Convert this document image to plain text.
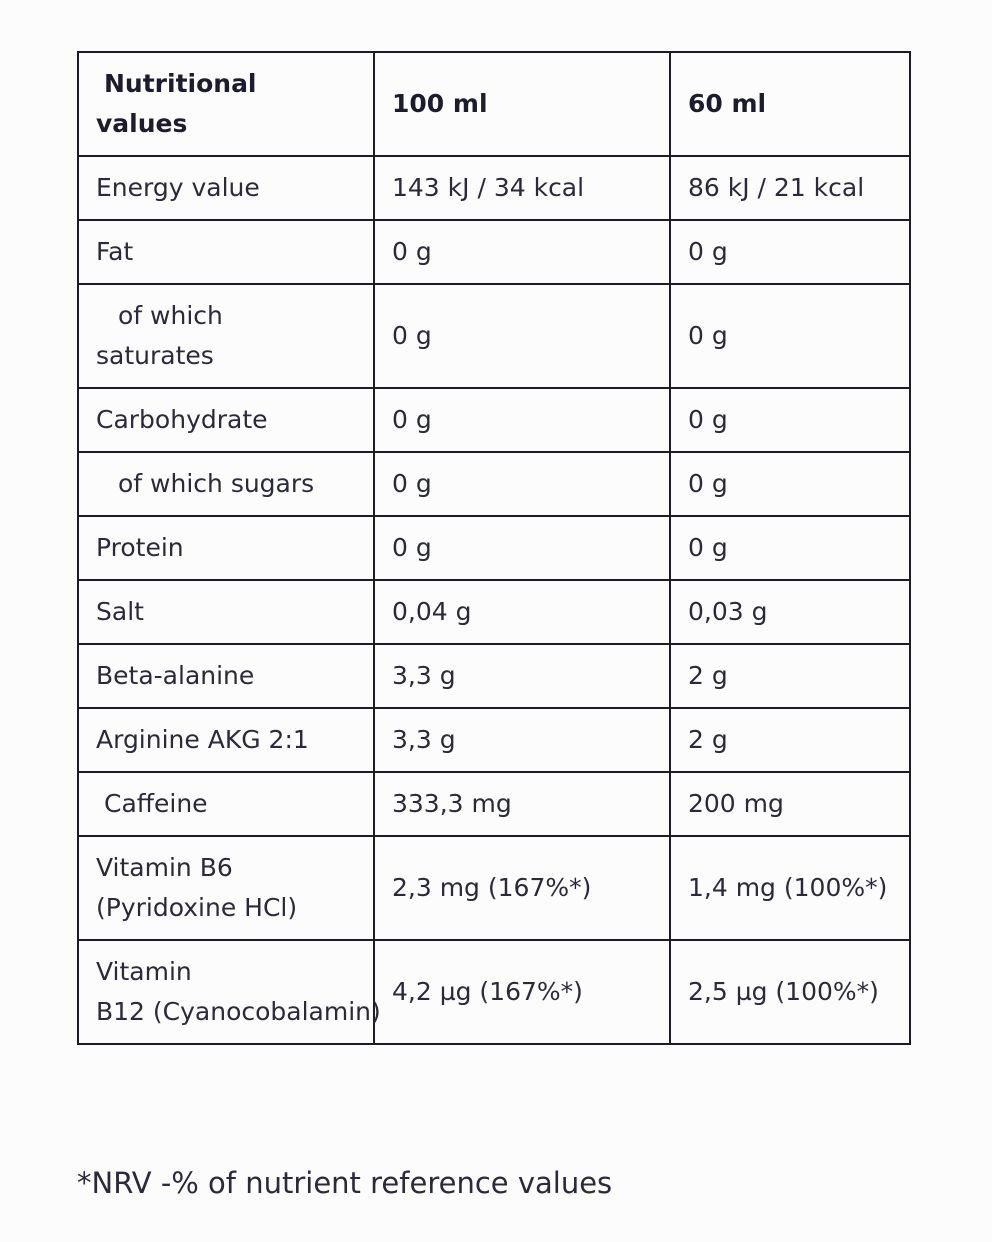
Nutritional
values	100 ml	60 ml
Energy value	143 kJ / 34 kcal	86 kJ / 21 kcal
Fat	0 g	0 g

of which
saturates	0 g	0 g
Carbohydrate	0 g	0 g
of which sugars	0 g	0 g
Protein	0 g	0 g
Salt	0,04 g	0,03 g
Beta-alanine	3,3 g	2 g
Arginine AKG 2:1	3,3 g	2 g
Caffeine	333,3 mg	200 mg

Vitamin B6
(Pyridoxine HCl)	2,3 mg (167%*)	1,4 mg (100%*)

Vitamin
B12 (Cyanocobalamin)	4,2 µg (167%*)	2,5 µg (100%*)
*NRV -% of nutrient reference values
